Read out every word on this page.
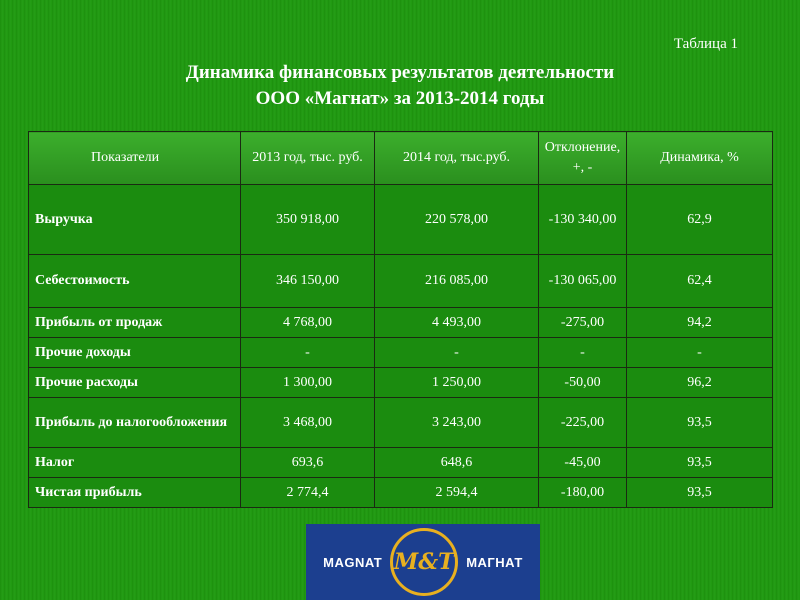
Таблица 1
Динамика финансовых результатов деятельности
ООО «Магнат» за 2013-2014 годы
Показатели	2013 год, тыс. руб.	2014 год, тыс.руб.	Отклонение, +, -	Динамика, %
Выручка	350 918,00	220 578,00	-130 340,00	62,9
Себестоимость	346 150,00	216 085,00	-130 065,00	62,4
Прибыль от продаж	4 768,00	4 493,00	-275,00	94,2
Прочие доходы	-	-	-	-
Прочие расходы	1 300,00	1 250,00	-50,00	96,2
Прибыль до налогообложения	3 468,00	3 243,00	-225,00	93,5
Налог	693,6	648,6	-45,00	93,5
Чистая прибыль	2 774,4	2 594,4	-180,00	93,5
MAGNAT M&T МАГНАТ
